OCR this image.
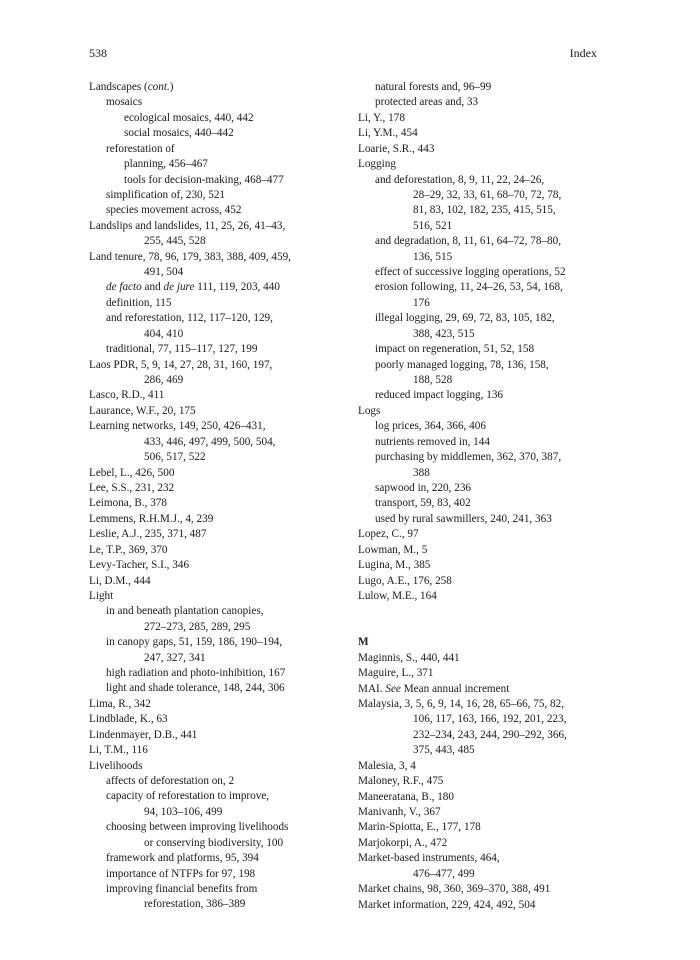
538	Index
Landscapes (cont.)
mosaics
ecological mosaics, 440, 442
social mosaics, 440–442
reforestation of
planning, 456–467
tools for decision-making, 468–477
simplification of, 230, 521
species movement across, 452
Landslips and landslides, 11, 25, 26, 41–43,
255, 445, 528
Land tenure, 78, 96, 179, 383, 388, 409, 459,
491, 504
de facto and de jure 111, 119, 203, 440
definition, 115
and reforestation, 112, 117–120, 129,
404, 410
traditional, 77, 115–117, 127, 199
Laos PDR, 5, 9, 14, 27, 28, 31, 160, 197,
286, 469
Lasco, R.D., 411
Laurance, W.F., 20, 175
Learning networks, 149, 250, 426–431,
433, 446, 497, 499, 500, 504,
506, 517, 522
Lebel, L., 426, 500
Lee, S.S., 231, 232
Leimona, B., 378
Lemmens, R.H.M.J., 4, 239
Leslie, A.J., 235, 371, 487
Le, T.P., 369, 370
Levy-Tacher, S.I., 346
Li, D.M., 444
Light
in and beneath plantation canopies,
272–273, 285, 289, 295
in canopy gaps, 51, 159, 186, 190–194,
247, 327, 341
high radiation and photo-inhibition, 167
light and shade tolerance, 148, 244, 306
Lima, R., 342
Lindblade, K., 63
Lindenmayer, D.B., 441
Li, T.M., 116
Livelihoods
affects of deforestation on, 2
capacity of reforestation to improve,
94, 103–106, 499
choosing between improving livelihoods
or conserving biodiversity, 100
framework and platforms, 95, 394
importance of NTFPs for 97, 198
improving financial benefits from
reforestation, 386–389
natural forests and, 96–99
protected areas and, 33
Li, Y., 178
Li, Y.M., 454
Loarie, S.R., 443
Logging
and deforestation, 8, 9, 11, 22, 24–26,
28–29, 32, 33, 61, 68–70, 72, 78,
81, 83, 102, 182, 235, 415, 515,
516, 521
and degradation, 8, 11, 61, 64–72, 78–80,
136, 515
effect of successive logging operations, 52
erosion following, 11, 24–26, 53, 54, 168,
176
illegal logging, 29, 69, 72, 83, 105, 182,
388, 423, 515
impact on regeneration, 51, 52, 158
poorly managed logging, 78, 136, 158,
188, 528
reduced impact logging, 136
Logs
log prices, 364, 366, 406
nutrients removed in, 144
purchasing by middlemen, 362, 370, 387,
388
sapwood in, 220, 236
transport, 59, 83, 402
used by rural sawmillers, 240, 241, 363
Lopez, C., 97
Lowman, M., 5
Lugina, M., 385
Lugo, A.E., 176, 258
Lulow, M.E., 164
M
Maginnis, S., 440, 441
Maguire, L., 371
MAI. See Mean annual increment
Malaysia, 3, 5, 6, 9, 14, 16, 28, 65–66, 75, 82,
106, 117, 163, 166, 192, 201, 223,
232–234, 243, 244, 290–292, 366,
375, 443, 485
Malesia, 3, 4
Maloney, R.F., 475
Maneeratana, B., 180
Manivanh, V., 367
Marin-Spiotta, E., 177, 178
Marjokorpi, A., 472
Market-based instruments, 464,
476–477, 499
Market chains, 98, 360, 369–370, 388, 491
Market information, 229, 424, 492, 504
